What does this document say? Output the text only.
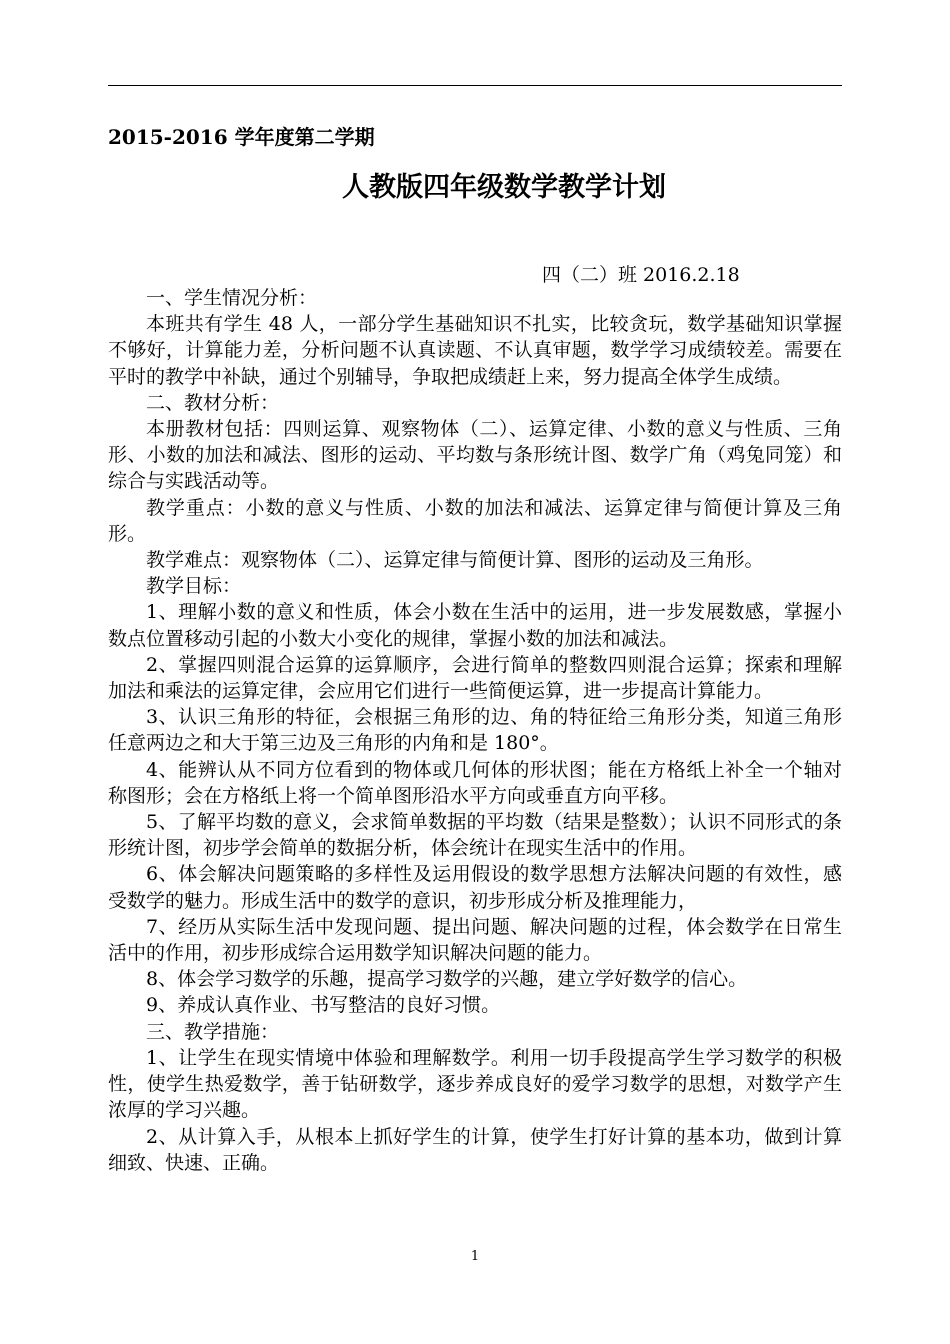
2015-2016 学年度第二学期
人教版四年级数学教学计划
四（二）班 2016.2.18

一、学生情况分析：

本班共有学生 48 人，一部分学生基础知识不扎实，比较贪玩，数学基础知识掌握不够好，计算能力差，分析问题不认真读题、不认真审题，数学学习成绩较差。需要在平时的教学中补缺，通过个别辅导，争取把成绩赶上来，努力提高全体学生成绩。

二、教材分析：

本册教材包括：四则运算、观察物体（二）、运算定律、小数的意义与性质、三角形、小数的加法和减法、图形的运动、平均数与条形统计图、数学广角（鸡兔同笼）和综合与实践活动等。

教学重点：小数的意义与性质、小数的加法和减法、运算定律与简便计算及三角形。

教学难点：观察物体（二）、运算定律与简便计算、图形的运动及三角形。

教学目标：

1、理解小数的意义和性质，体会小数在生活中的运用，进一步发展数感，掌握小数点位置移动引起的小数大小变化的规律，掌握小数的加法和减法。

2、掌握四则混合运算的运算顺序，会进行简单的整数四则混合运算；探索和理解加法和乘法的运算定律，会应用它们进行一些简便运算，进一步提高计算能力。

3、认识三角形的特征，会根据三角形的边、角的特征给三角形分类，知道三角形任意两边之和大于第三边及三角形的内角和是 180°。

4、能辨认从不同方位看到的物体或几何体的形状图；能在方格纸上补全一个轴对称图形；会在方格纸上将一个简单图形沿水平方向或垂直方向平移。

5、了解平均数的意义，会求简单数据的平均数（结果是整数）；认识不同形式的条形统计图，初步学会简单的数据分析，体会统计在现实生活中的作用。

6、体会解决问题策略的多样性及运用假设的数学思想方法解决问题的有效性，感受数学的魅力。形成生活中的数学的意识，初步形成分析及推理能力，

7、经历从实际生活中发现问题、提出问题、解决问题的过程，体会数学在日常生活中的作用，初步形成综合运用数学知识解决问题的能力。

8、体会学习数学的乐趣，提高学习数学的兴趣，建立学好数学的信心。

9、养成认真作业、书写整洁的良好习惯。

三、教学措施：

1、让学生在现实情境中体验和理解数学。利用一切手段提高学生学习数学的积极性，使学生热爱数学，善于钻研数学，逐步养成良好的爱学习数学的思想，对数学产生浓厚的学习兴趣。

2、从计算入手，从根本上抓好学生的计算，使学生打好计算的基本功，做到计算细致、快速、正确。

1
